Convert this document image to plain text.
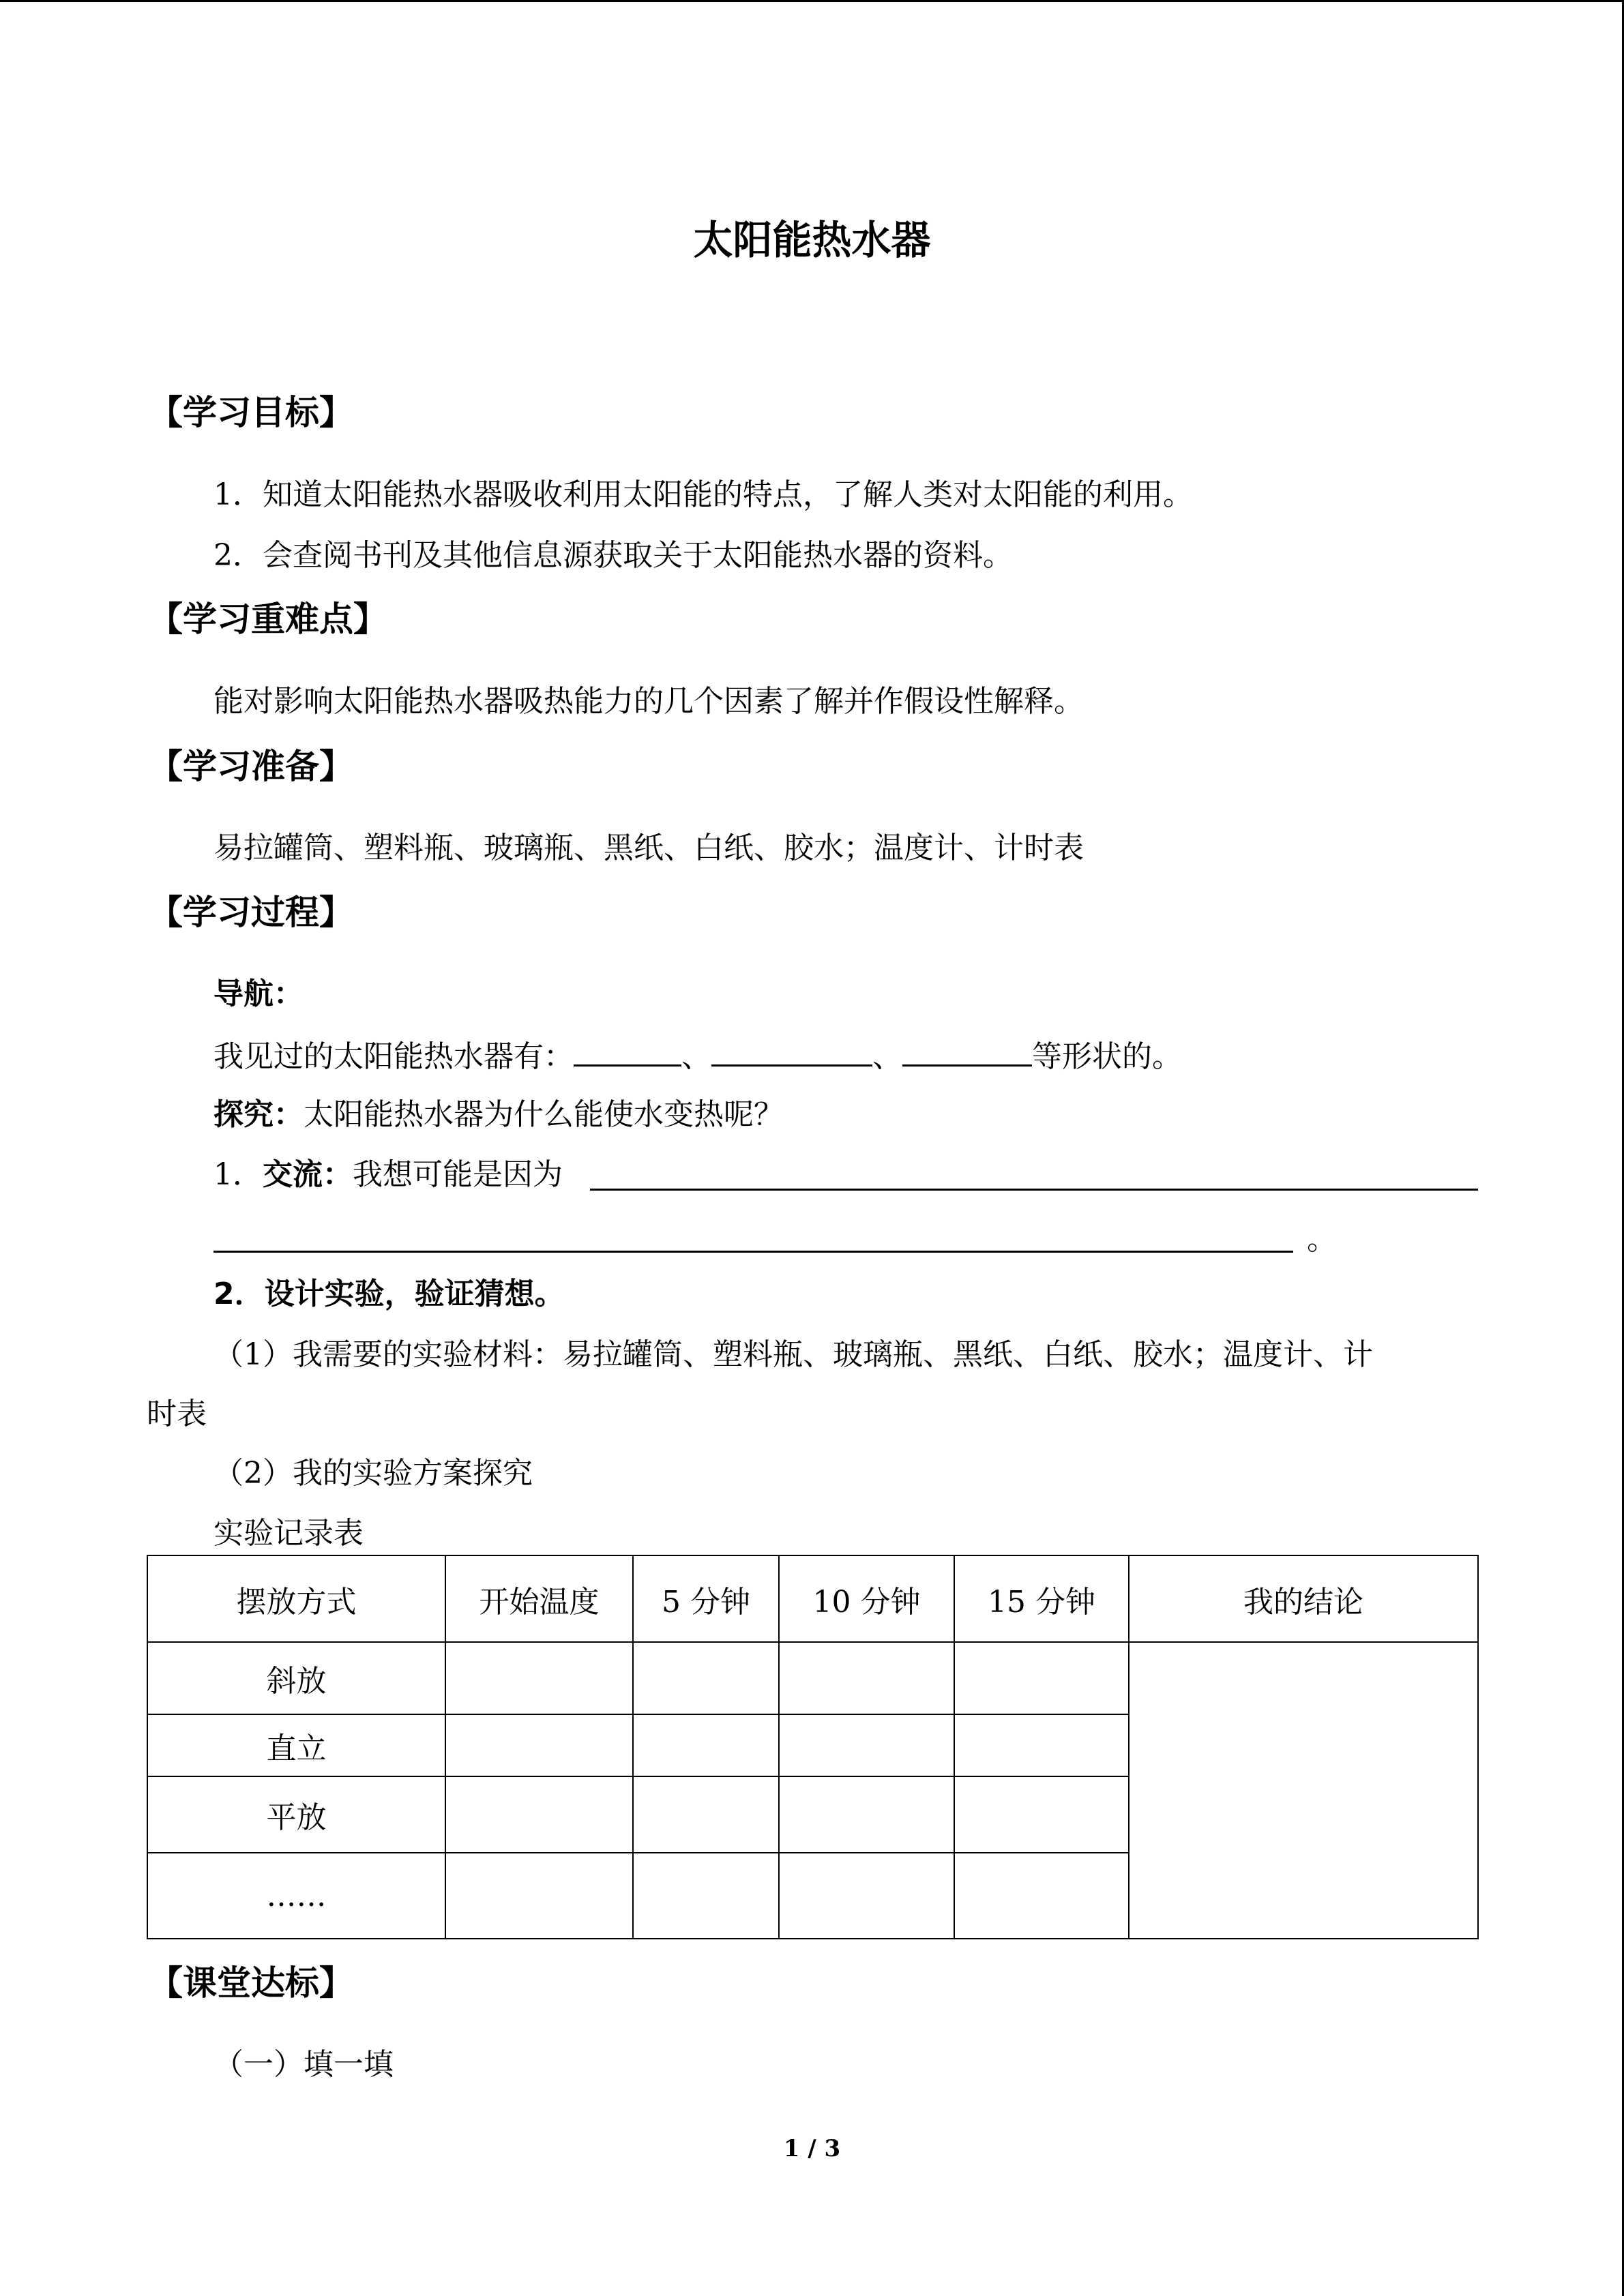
太阳能热水器
【学习目标】
1．知道太阳能热水器吸收利用太阳能的特点，了解人类对太阳能的利用。
2．会查阅书刊及其他信息源获取关于太阳能热水器的资料。
【学习重难点】
能对影响太阳能热水器吸热能力的几个因素了解并作假设性解释。
【学习准备】
易拉罐筒、塑料瓶、玻璃瓶、黑纸、白纸、胶水；温度计、计时表
【学习过程】
导航：
我见过的太阳能热水器有：	、	、	等形状的。
探究：太阳能热水器为什么能使水变热呢？
1．交流：我想可能是因为
。
2．设计实验，验证猜想。
（1）我需要的实验材料：易拉罐筒、塑料瓶、玻璃瓶、黑纸、白纸、胶水；温度计、计
时表
（2）我的实验方案探究
实验记录表
摆放方式	开始温度	5 分钟	10 分钟	15 分钟	我的结论
斜放					
直立					
平放					
……					
【课堂达标】
（一）填一填
1 / 3
